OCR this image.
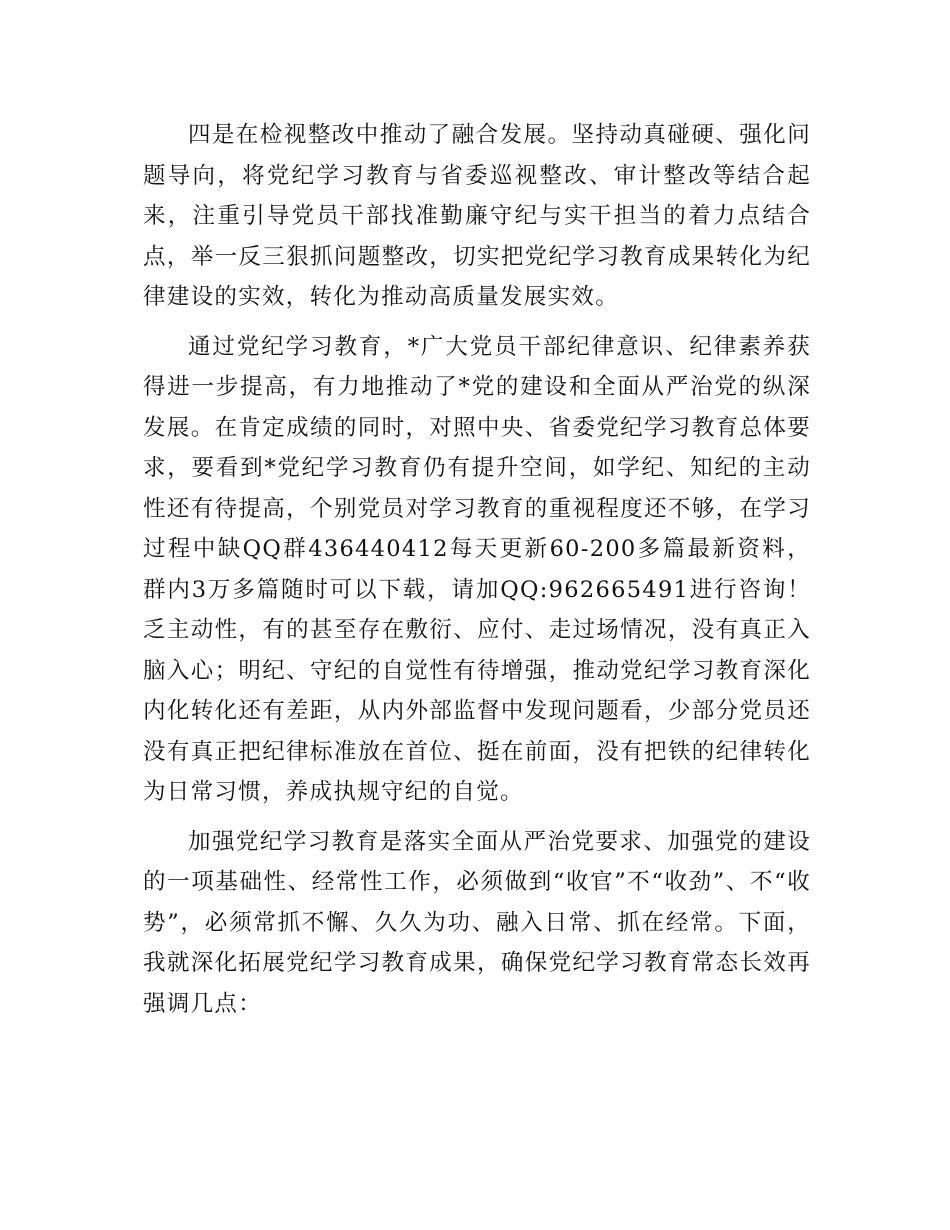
四是在检视整改中推动了融合发展。坚持动真碰硬、强化问题导向，将党纪学习教育与省委巡视整改、审计整改等结合起来，注重引导党员干部找准勤廉守纪与实干担当的着力点结合点，举一反三狠抓问题整改，切实把党纪学习教育成果转化为纪律建设的实效，转化为推动高质量发展实效。

通过党纪学习教育，*广大党员干部纪律意识、纪律素养获得进一步提高，有力地推动了*党的建设和全面从严治党的纵深发展。在肯定成绩的同时，对照中央、省委党纪学习教育总体要求，要看到*党纪学习教育仍有提升空间，如学纪、知纪的主动性还有待提高，个别党员对学习教育的重视程度还不够，在学习过程中缺QQ群436440412每天更新60-200多篇最新资料，群内3万多篇随时可以下载，请加QQ:962665491进行咨询！乏主动性，有的甚至存在敷衍、应付、走过场情况，没有真正入脑入心；明纪、守纪的自觉性有待增强，推动党纪学习教育深化内化转化还有差距，从内外部监督中发现问题看，少部分党员还没有真正把纪律标准放在首位、挺在前面，没有把铁的纪律转化为日常习惯，养成执规守纪的自觉。

加强党纪学习教育是落实全面从严治党要求、加强党的建设的一项基础性、经常性工作，必须做到“收官”不“收劲”、不“收势”，必须常抓不懈、久久为功、融入日常、抓在经常。下面，我就深化拓展党纪学习教育成果，确保党纪学习教育常态长效再强调几点：
